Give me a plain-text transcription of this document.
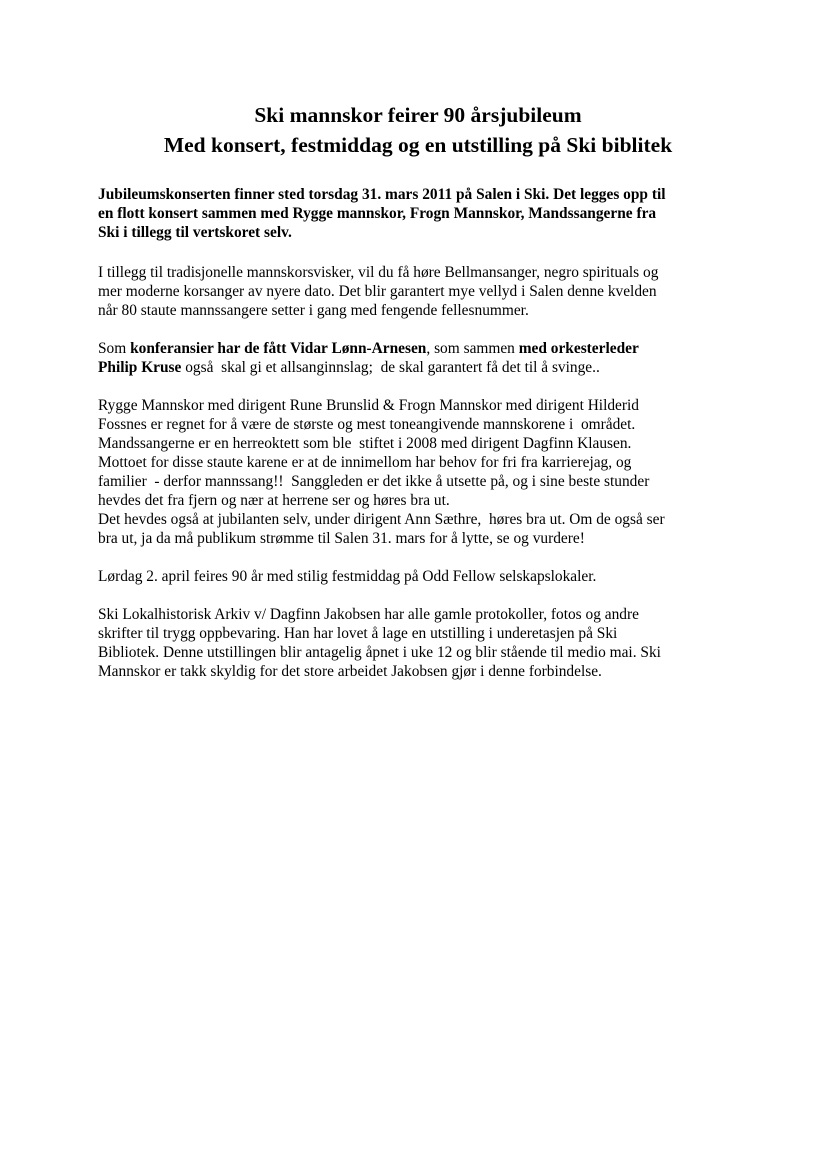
Ski mannskor feirer 90 årsjubileum
Med konsert, festmiddag og en utstilling på Ski biblitek

Jubileumskonserten finner sted torsdag 31. mars 2011 på Salen i Ski. Det legges opp til
en flott konsert sammen med Rygge mannskor, Frogn Mannskor, Mandssangerne fra
Ski i tillegg til vertskoret selv.

I tillegg til tradisjonelle mannskorsvisker, vil du få høre Bellmansanger, negro spirituals og
mer moderne korsanger av nyere dato. Det blir garantert mye vellyd i Salen denne kvelden
når 80 staute mannssangere setter i gang med fengende fellesnummer.

Som konferansier har de fått Vidar Lønn-Arnesen, som sammen med orkesterleder
Philip Kruse også  skal gi et allsanginnslag;  de skal garantert få det til å svinge..

Rygge Mannskor med dirigent Rune Brunslid & Frogn Mannskor med dirigent Hilderid
Fossnes er regnet for å være de største og mest toneangivende mannskorene i  området.
Mandssangerne er en herreoktett som ble  stiftet i 2008 med dirigent Dagfinn Klausen.
Mottoet for disse staute karene er at de innimellom har behov for fri fra karrierejag, og
familier  - derfor mannssang!!  Sanggleden er det ikke å utsette på, og i sine beste stunder
hevdes det fra fjern og nær at herrene ser og høres bra ut.
Det hevdes også at jubilanten selv, under dirigent Ann Sæthre,  høres bra ut. Om de også ser
bra ut, ja da må publikum strømme til Salen 31. mars for å lytte, se og vurdere!

Lørdag 2. april feires 90 år med stilig festmiddag på Odd Fellow selskapslokaler.

Ski Lokalhistorisk Arkiv v/ Dagfinn Jakobsen har alle gamle protokoller, fotos og andre
skrifter til trygg oppbevaring. Han har lovet å lage en utstilling i underetasjen på Ski
Bibliotek. Denne utstillingen blir antagelig åpnet i uke 12 og blir stående til medio mai. Ski
Mannskor er takk skyldig for det store arbeidet Jakobsen gjør i denne forbindelse.
